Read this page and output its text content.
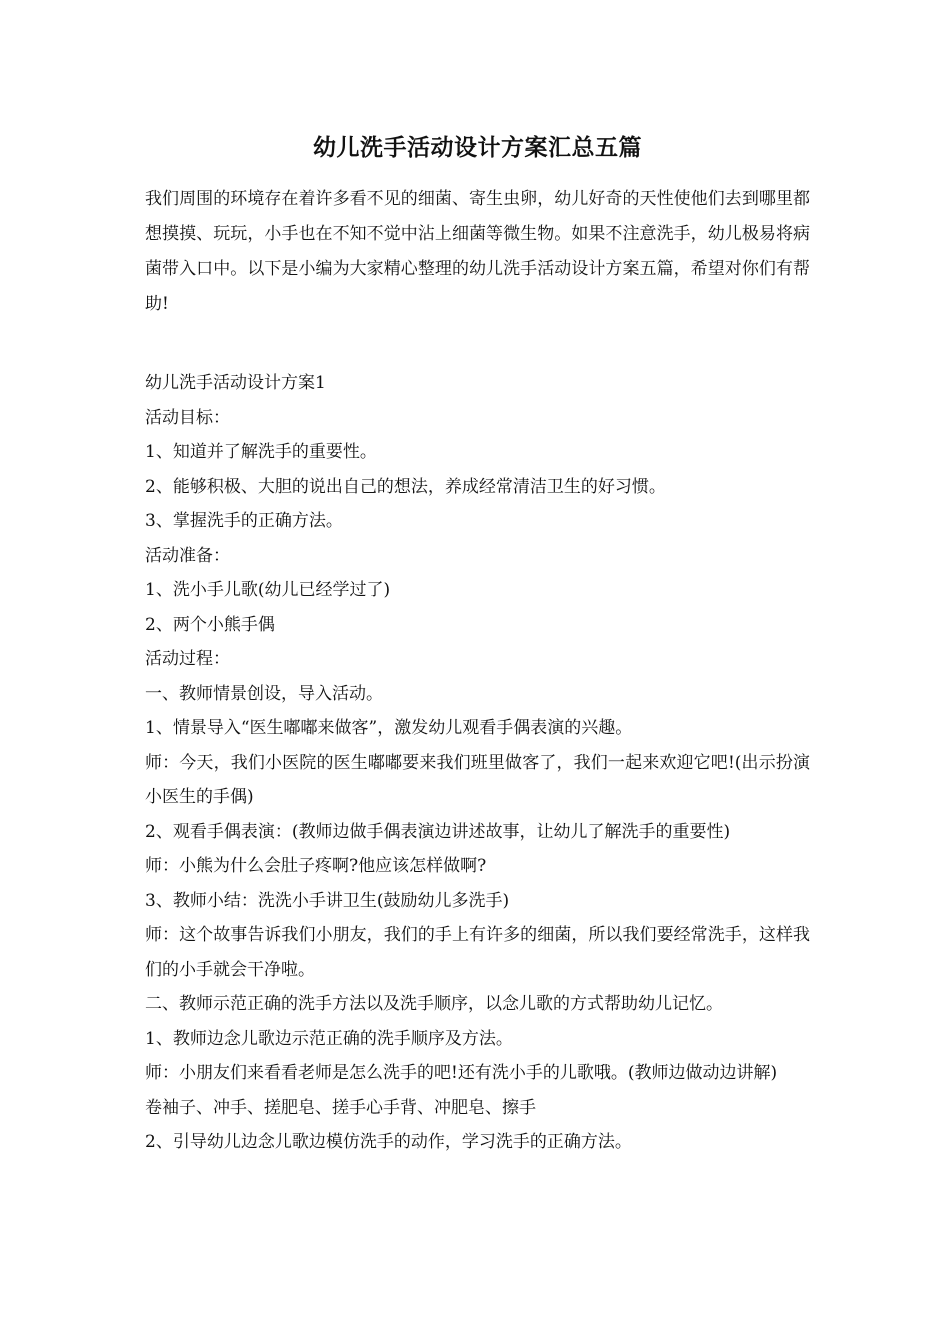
幼儿洗手活动设计方案汇总五篇

我们周围的环境存在着许多看不见的细菌、寄生虫卵，幼儿好奇的天性使他们去到哪里都想摸摸、玩玩，小手也在不知不觉中沾上细菌等微生物。如果不注意洗手，幼儿极易将病菌带入口中。以下是小编为大家精心整理的幼儿洗手活动设计方案五篇，希望对你们有帮助!

幼儿洗手活动设计方案1

活动目标：

1、知道并了解洗手的重要性。

2、能够积极、大胆的说出自己的想法，养成经常清洁卫生的好习惯。

3、掌握洗手的正确方法。

活动准备：

1、洗小手儿歌(幼儿已经学过了)

2、两个小熊手偶

活动过程：

一、教师情景创设，导入活动。

1、情景导入“医生嘟嘟来做客”，激发幼儿观看手偶表演的兴趣。

师：今天，我们小医院的医生嘟嘟要来我们班里做客了，我们一起来欢迎它吧!(出示扮演小医生的手偶)

2、观看手偶表演：(教师边做手偶表演边讲述故事，让幼儿了解洗手的重要性)

师：小熊为什么会肚子疼啊?他应该怎样做啊?

3、教师小结：洗洗小手讲卫生(鼓励幼儿多洗手)

师：这个故事告诉我们小朋友，我们的手上有许多的细菌，所以我们要经常洗手，这样我们的小手就会干净啦。

二、教师示范正确的洗手方法以及洗手顺序，以念儿歌的方式帮助幼儿记忆。

1、教师边念儿歌边示范正确的洗手顺序及方法。

师：小朋友们来看看老师是怎么洗手的吧!还有洗小手的儿歌哦。(教师边做动边讲解)

卷袖子、冲手、搓肥皂、搓手心手背、冲肥皂、擦手

2、引导幼儿边念儿歌边模仿洗手的动作，学习洗手的正确方法。
